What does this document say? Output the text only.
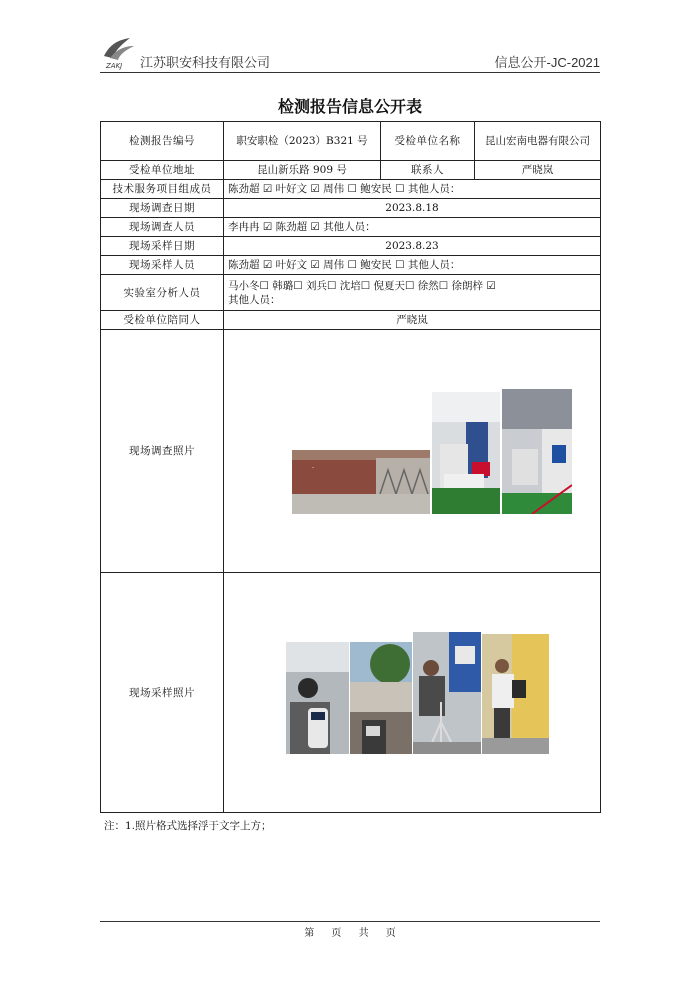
ZAKJ 江苏职安科技有限公司	信息公开-JC-2021
检测报告信息公开表
检测报告编号	职安职检（2023）B321 号	受检单位名称	昆山宏南电器有限公司
受检单位地址	昆山新乐路 909 号	联系人	严晓岚
技术服务项目组成员	陈劲超 ☑ 叶好文 ☑ 周伟 ☐ 鲍安民 ☐ 其他人员：		
现场调查日期	2023.8.18		
现场调查人员	李冉冉 ☑ 陈劲超 ☑ 其他人员：		
现场采样日期	2023.8.23		
现场采样人员	陈劲超 ☑ 叶好文 ☑ 周伟 ☐ 鲍安民 ☐ 其他人员：		
实验室分析人员	马小冬☐ 韩璐☐ 刘兵☐ 沈培☐ 倪夏天☐ 徐然☐ 徐朗梓 ☑
其他人员：		

受检单位陪同人	严晓岚		
现场调查照片	·		

现场采样照片	
注：1.照片格式选择浮于文字上方；
第 页 共 页
